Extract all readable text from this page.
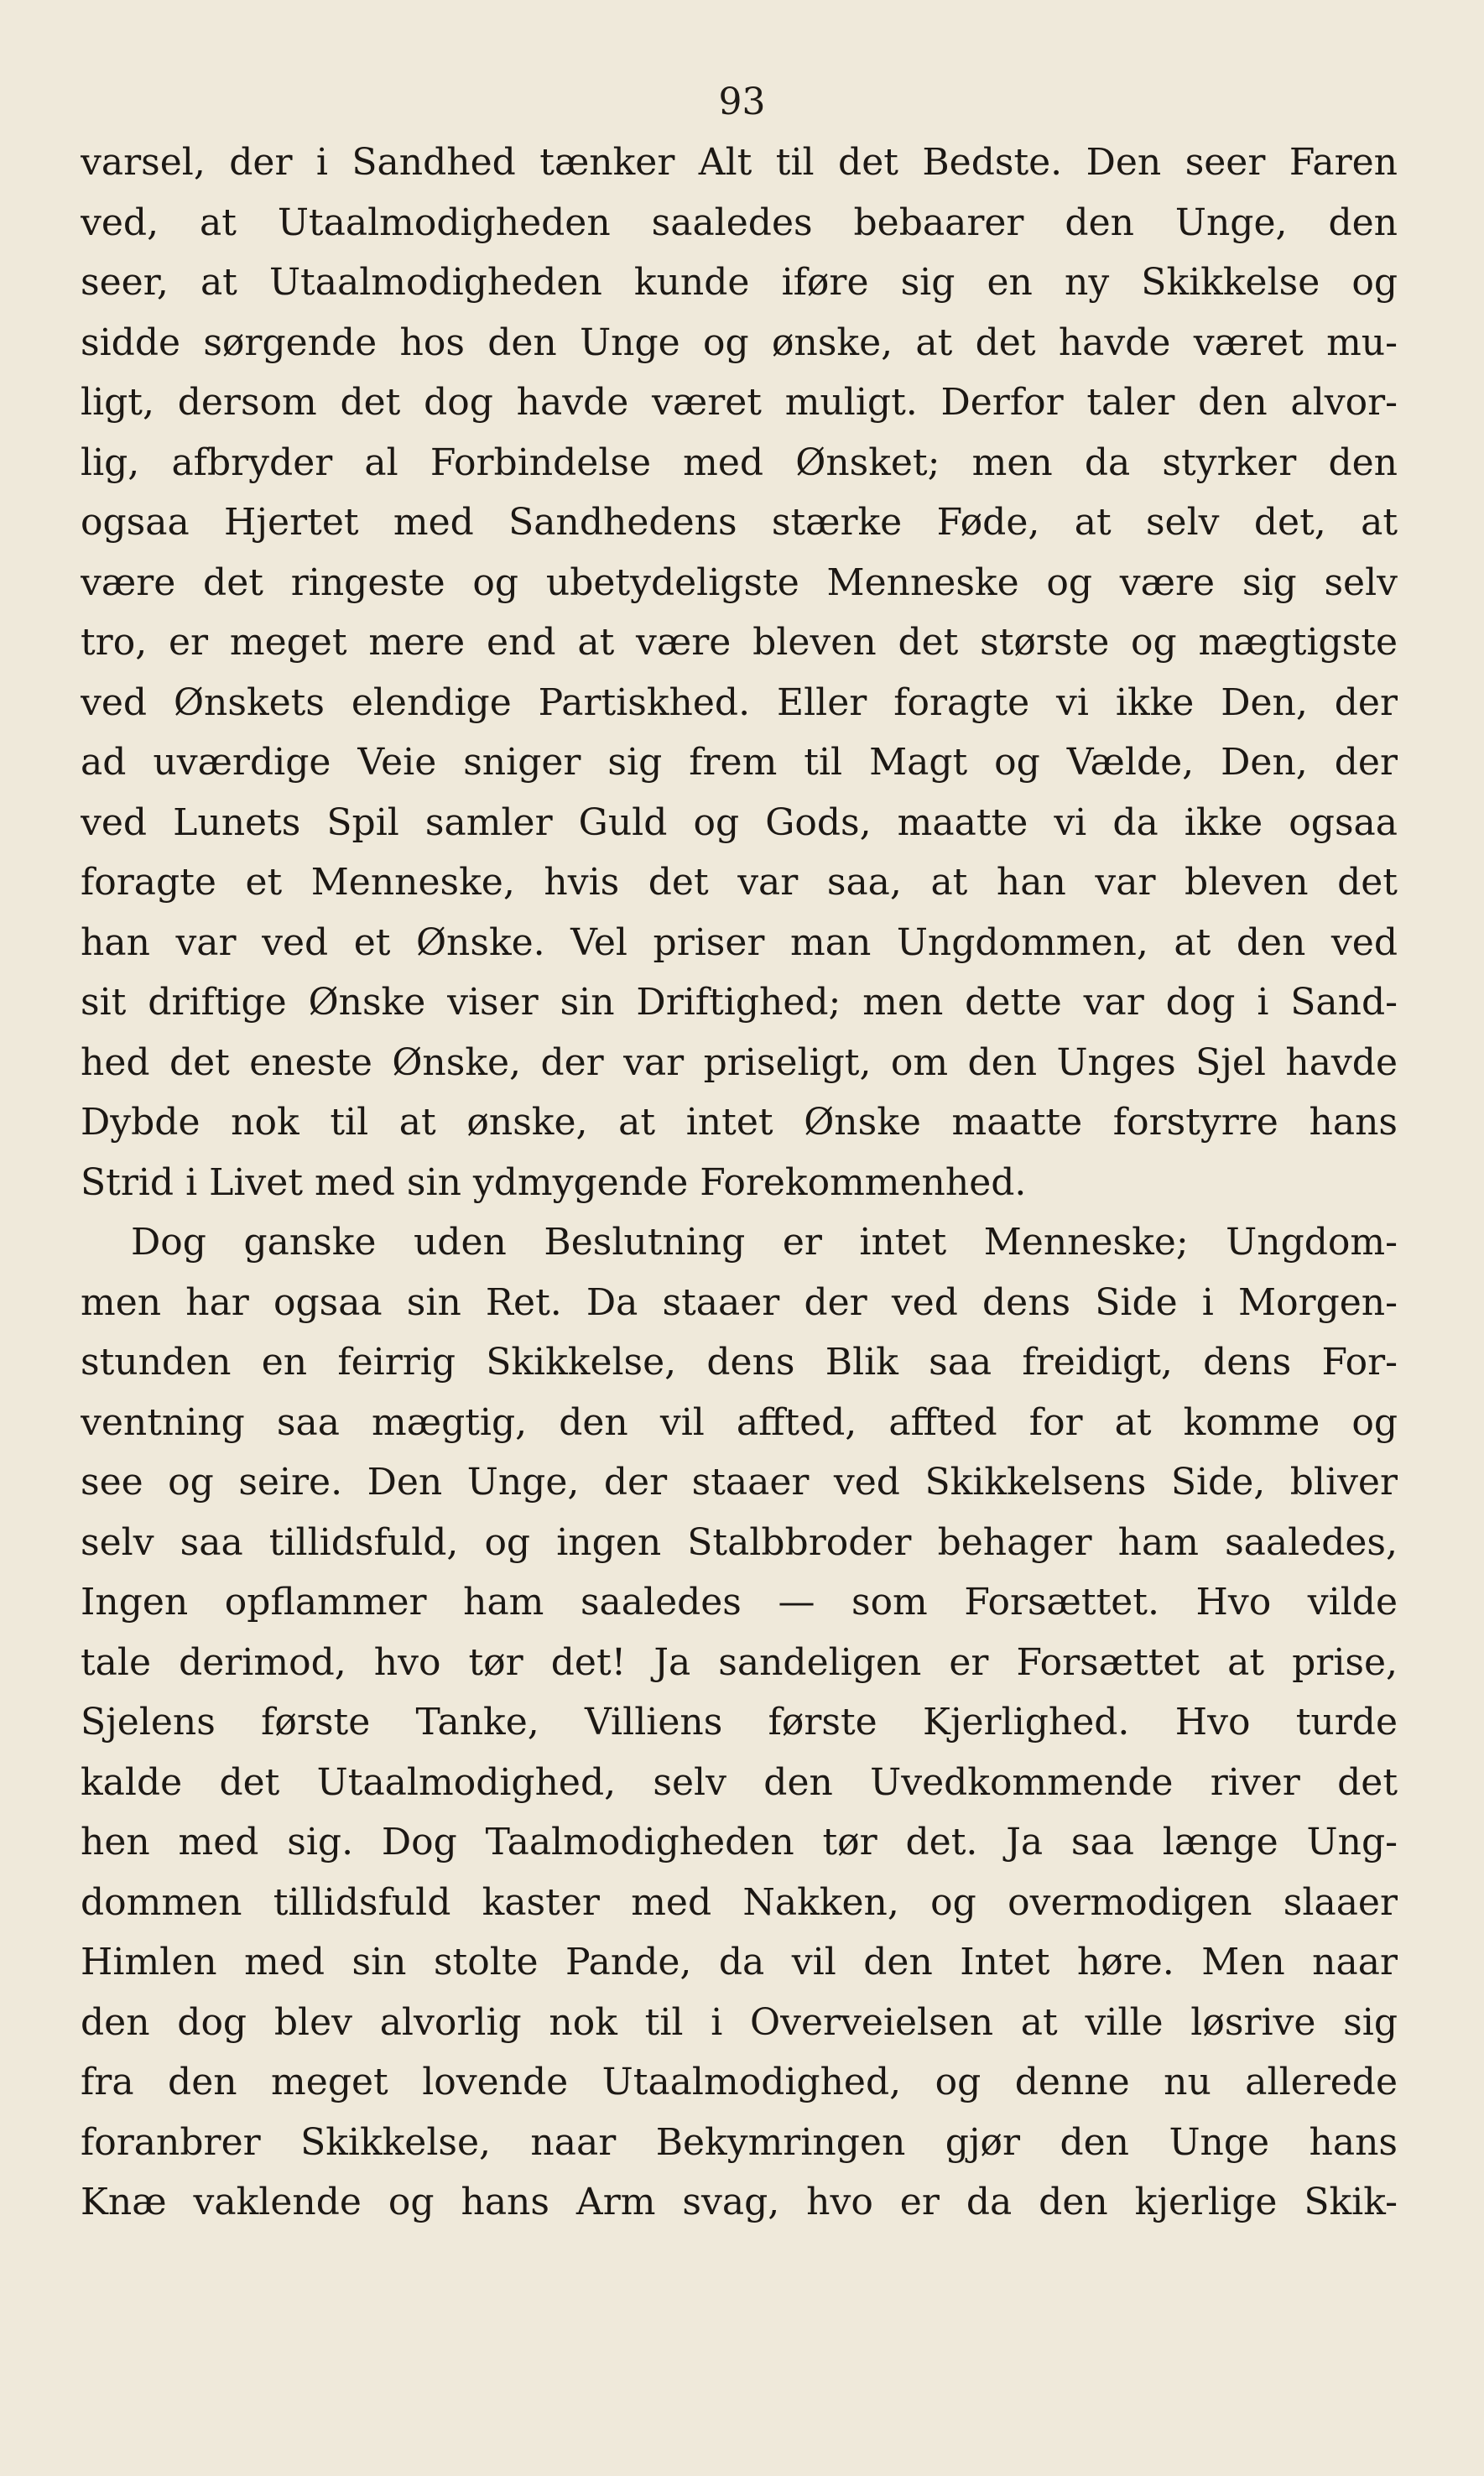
93
varsel, der i Sandhed tænker Alt til det Bedste. Den seer Faren
ved, at Utaalmodigheden saaledes bebaarer den Unge, den
seer, at Utaalmodigheden kunde iføre sig en ny Skikkelse og
sidde sørgende hos den Unge og ønske, at det havde været mu-
ligt, dersom det dog havde været muligt. Derfor taler den alvor-
lig, afbryder al Forbindelse med Ønsket; men da styrker den
ogsaa Hjertet med Sandhedens stærke Føde, at selv det, at
være det ringeste og ubetydeligste Menneske og være sig selv
tro, er meget mere end at være bleven det største og mægtigste
ved Ønskets elendige Partiskhed. Eller foragte vi ikke Den, der
ad uværdige Veie sniger sig frem til Magt og Vælde, Den, der
ved Lunets Spil samler Guld og Gods, maatte vi da ikke ogsaa
foragte et Menneske, hvis det var saa, at han var bleven det
han var ved et Ønske. Vel priser man Ungdommen, at den ved
sit driftige Ønske viser sin Driftighed; men dette var dog i Sand-
hed det eneste Ønske, der var priseligt, om den Unges Sjel havde
Dybde nok til at ønske, at intet Ønske maatte forstyrre hans
Strid i Livet med sin ydmygende Forekommenhed.
Dog ganske uden Beslutning er intet Menneske; Ungdom-
men har ogsaa sin Ret. Da staaer der ved dens Side i Morgen-
stunden en feirrig Skikkelse, dens Blik saa freidigt, dens For-
ventning saa mægtig, den vil affted, affted for at komme og
see og seire. Den Unge, der staaer ved Skikkelsens Side, bliver
selv saa tillidsfuld, og ingen Stalbbroder behager ham saaledes,
Ingen opflammer ham saaledes — som Forsættet. Hvo vilde
tale derimod, hvo tør det! Ja sandeligen er Forsættet at prise,
Sjelens første Tanke, Villiens første Kjerlighed. Hvo turde
kalde det Utaalmodighed, selv den Uvedkommende river det
hen med sig. Dog Taalmodigheden tør det. Ja saa længe Ung-
dommen tillidsfuld kaster med Nakken, og overmodigen slaaer
Himlen med sin stolte Pande, da vil den Intet høre. Men naar
den dog blev alvorlig nok til i Overveielsen at ville løsrive sig
fra den meget lovende Utaalmodighed, og denne nu allerede
foranbrer Skikkelse, naar Bekymringen gjør den Unge hans
Knæ vaklende og hans Arm svag, hvo er da den kjerlige Skik-
